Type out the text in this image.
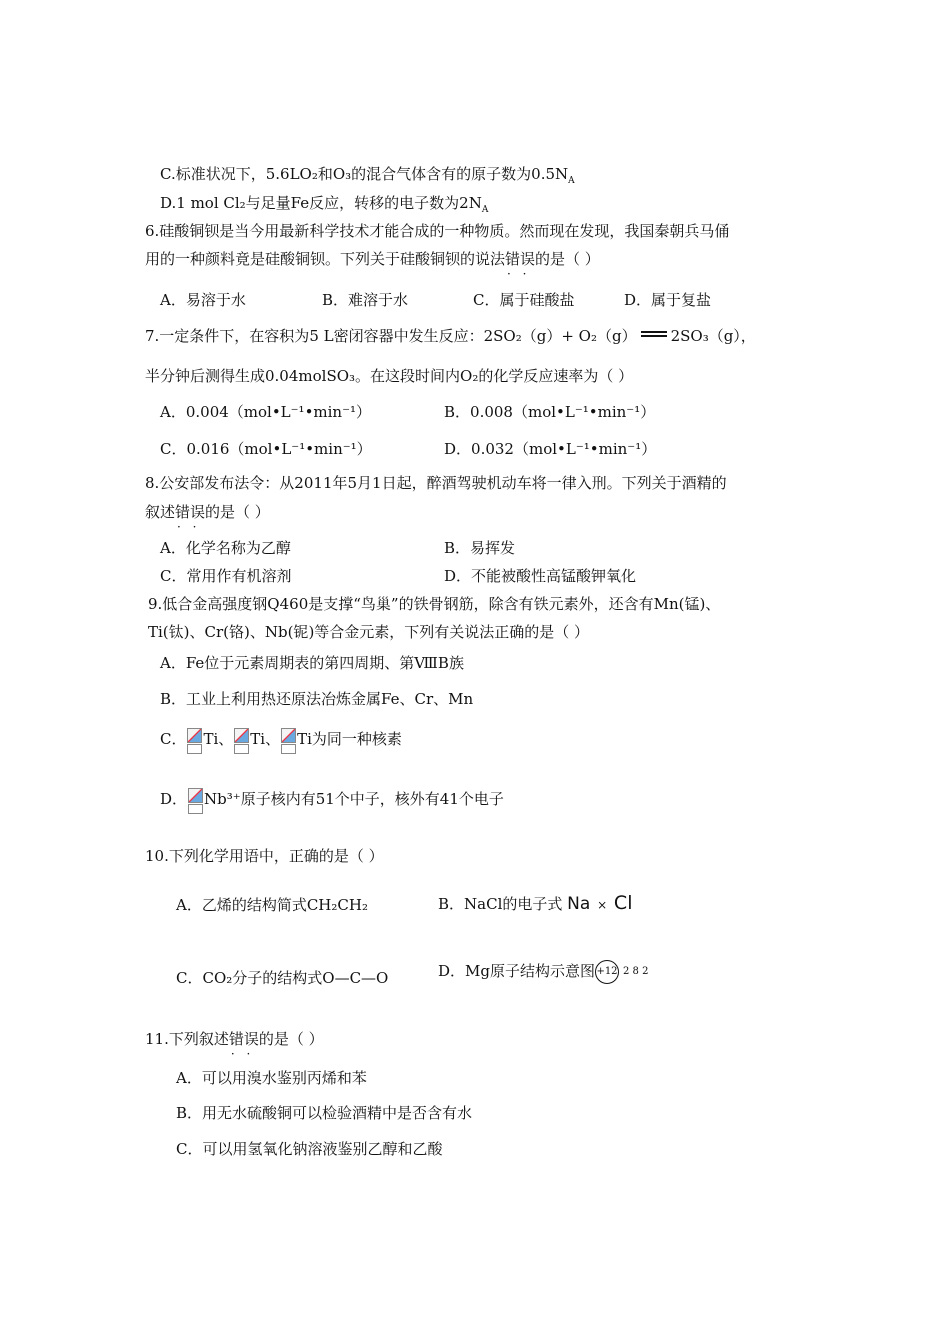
C.标准状况下，5.6LO₂和O₃的混合气体含有的原子数为$0.5N_A$
D.1 mol Cl₂与足量Fe反应，转移的电子数为$2N_A$
6.硅酸铜钡是当今用最新科学技术才能合成的一种物质。然而现在发现，我国秦朝兵马俑
用的一种颜料竟是硅酸铜钡。下列关于硅酸铜钡的说法错误 · ·的是（ ）
A．易溶于水	B．难溶于水	C．属于硅酸盐	D．属于复盐
7.一定条件下，在容积为5 L密闭容器中发生反应：2SO₂（g）+ O₂（g） 2SO₃（g），
半分钟后测得生成0.04molSO₃。在这段时间内O₂的化学反应速率为（ ）
A．0.004（mol•L⁻¹•min⁻¹）	B．0.008（mol•L⁻¹•min⁻¹）
C．0.016（mol•L⁻¹•min⁻¹）	D．0.032（mol•L⁻¹•min⁻¹）
8.公安部发布法令：从2011年5月1日起，醉酒驾驶机动车将一律入刑。下列关于酒精的
叙述错误 · ·的是（ ）
A．化学名称为乙醇	B．易挥发
C．常用作有机溶剂	D．不能被酸性高锰酸钾氧化
9.低合金高强度钢Q460是支撑“鸟巢”的铁骨钢筋，除含有铁元素外，还含有Mn(锰)、
Ti(钛)、Cr(铬)、Nb(铌)等合金元素，下列有关说法正确的是（ ）
A．Fe位于元素周期表的第四周期、第ⅧB族
B．工业上利用热还原法冶炼金属Fe、Cr、Mn
C． Ti、 Ti、 Ti为同一种核素
D． Nb³⁺原子核内有51个中子，核外有41个电子
10.下列化学用语中，正确的是（ ）
A．乙烯的结构简式CH₂CH₂	B．NaCl的电子式 Na × Cl
C．CO₂分子的结构式O—C—O	D．Mg原子结构示意图+12 2 8 2
11.下列叙述错误 · ·的是（ ）
A．可以用溴水鉴别丙烯和苯
B．用无水硫酸铜可以检验酒精中是否含有水
C．可以用氢氧化钠溶液鉴别乙醇和乙酸
